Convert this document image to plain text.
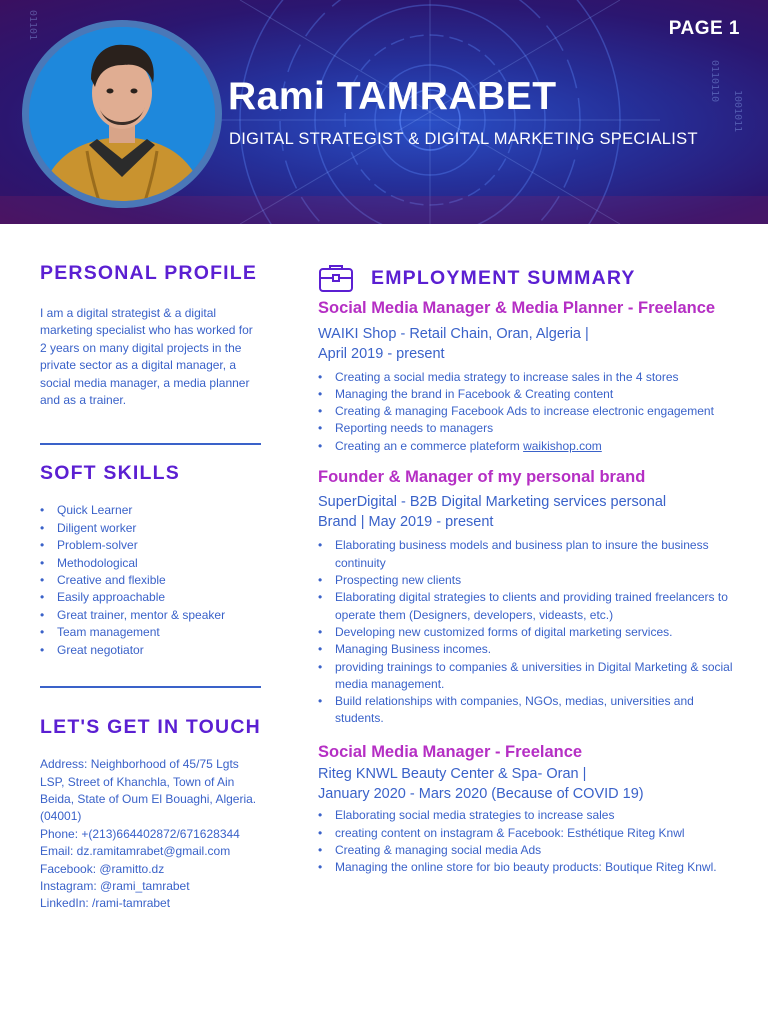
0110110
1001011
01101	PAGE 1
Rami TAMRABET
DIGITAL STRATEGIST & DIGITAL MARKETING SPECIALIST
PERSONAL PROFILE

I am a digital strategist & a digital marketing specialist who has worked for 2 years on many digital projects in the private sector as a digital manager, a social media manager, a media planner and as a trainer.

SOFT SKILLS
• Quick Learner
• Diligent worker
• Problem-solver
• Methodological
• Creative and flexible
• Easily approachable
• Great trainer, mentor & speaker
• Team management
• Great negotiator
LET'S GET IN TOUCH

Address: Neighborhood of 45/75 Lgts LSP, Street of Khanchla, Town of Ain Beida, State of Oum El Bouaghi, Algeria. (04001)

Phone: +(213)664402872/671628344

Email: dz.ramitamrabet@gmail.com

Facebook: @ramitto.dz

Instagram: @rami_tamrabet

LinkedIn: /rami-tamrabet

EMPLOYMENT SUMMARY
Social Media Manager & Media Planner - Freelance
WAIKI Shop - Retail Chain, Oran, Algeria |
April 2019 - present
• Creating a social media strategy to increase sales in the 4 stores
• Managing the brand in Facebook & Creating content
• Creating & managing Facebook Ads to increase electronic engagement
• Reporting needs to managers
• Creating an e commerce plateform waikishop.com
Founder & Manager of my personal brand
SuperDigital - B2B Digital Marketing services personal
Brand | May 2019 - present
• Elaborating business models and business plan to insure the business continuity
• Prospecting new clients
• Elaborating digital strategies to clients and providing trained freelancers to operate them (Designers, developers, videasts, etc.)
• Developing new customized forms of digital marketing services.
• Managing Business incomes.
• providing trainings to companies & universities in Digital Marketing & social media management.
• Build relationships with companies, NGOs, medias, universities and students.
Social Media Manager - Freelance
Riteg KNWL Beauty Center & Spa- Oran |
January 2020 - Mars 2020 (Because of COVID 19)
• Elaborating social media strategies to increase sales
• creating content on instagram & Facebook: Esthétique Riteg Knwl
• Creating & managing social media Ads
• Managing the online store for bio beauty products: Boutique Riteg Knwl.
